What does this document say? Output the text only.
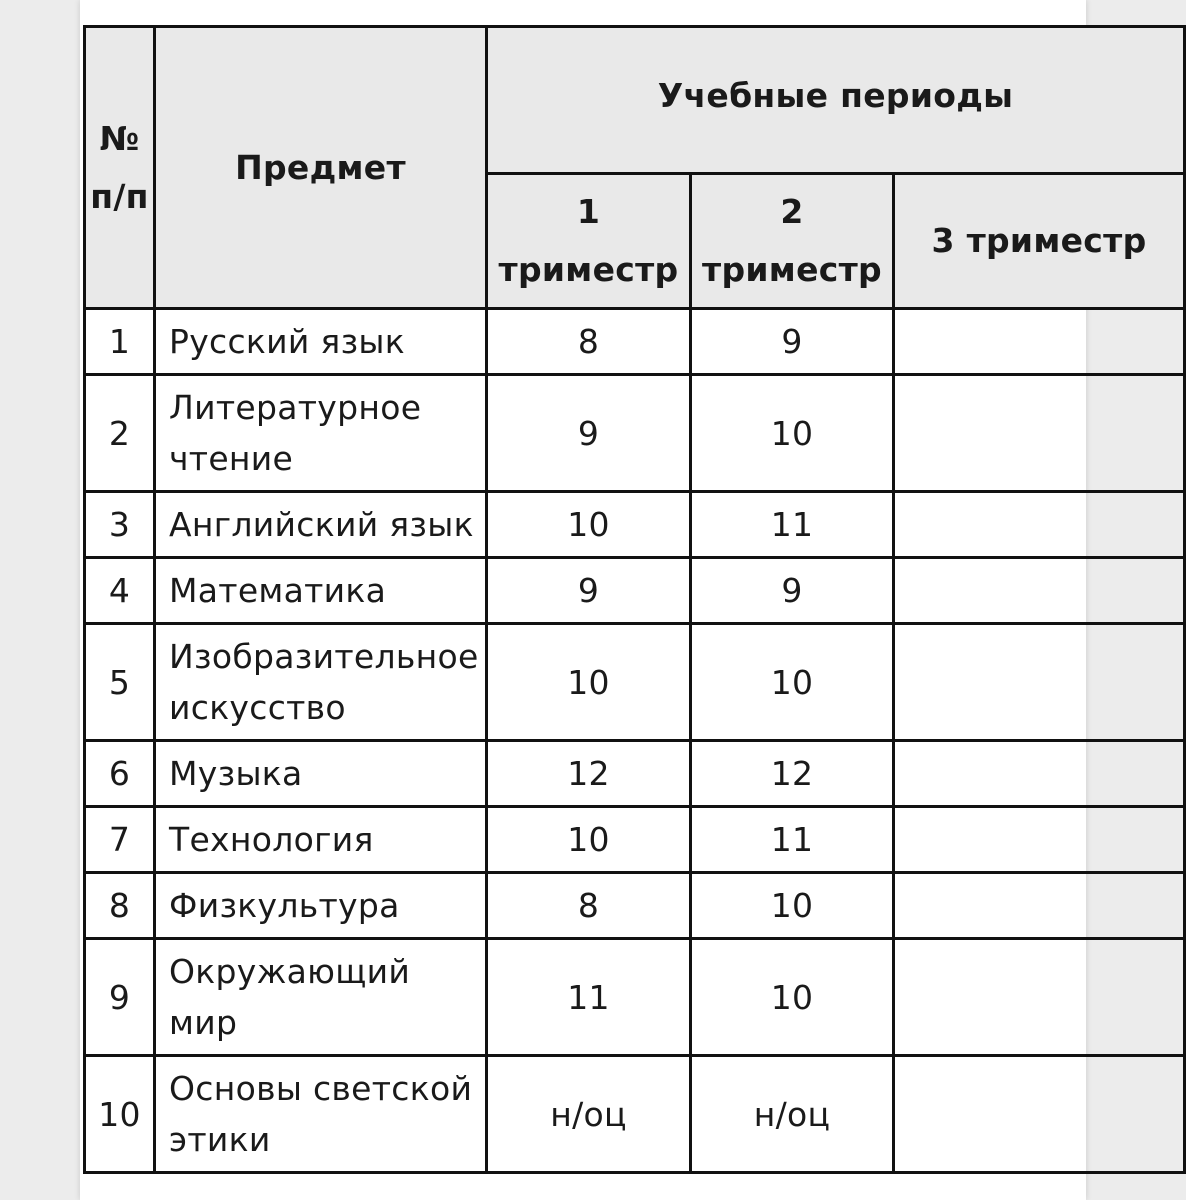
№ п/п	Предмет	Учебные периоды		
		1 триместр	2 триместр	3 триместр
1	Русский язык	8	9	
2	Литературное чтение	9	10	
3	Английский язык	10	11	
4	Математика	9	9	
5	Изобразительное искусство	10	10	
6	Музыка	12	12	
7	Технология	10	11	
8	Физкультура	8	10	
9	Окружающий мир	11	10	
10	Основы светской этики	н/оц	н/оц	
